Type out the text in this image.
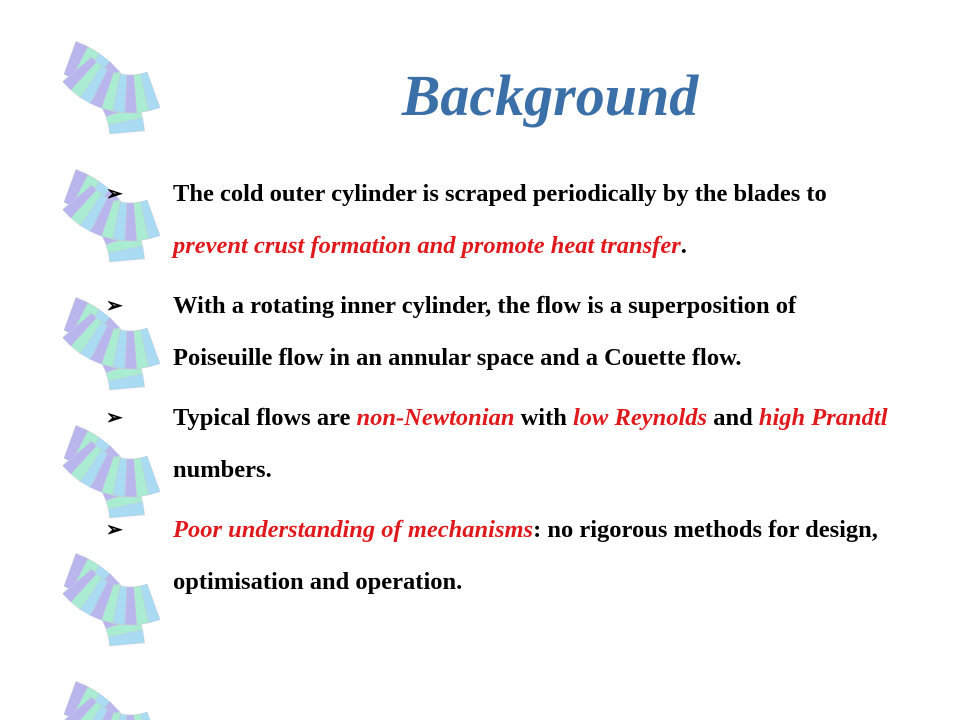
Background
➢ The cold outer cylinder is scraped periodically by the blades to prevent crust formation and promote heat transfer.
➢ With a rotating inner cylinder, the flow is a superposition of Poiseuille flow in an annular space and a Couette flow.
➢ Typical flows are non-Newtonian with low Reynolds and high Prandtl numbers.
➢ Poor understanding of mechanisms: no rigorous methods for design, optimisation and operation.
